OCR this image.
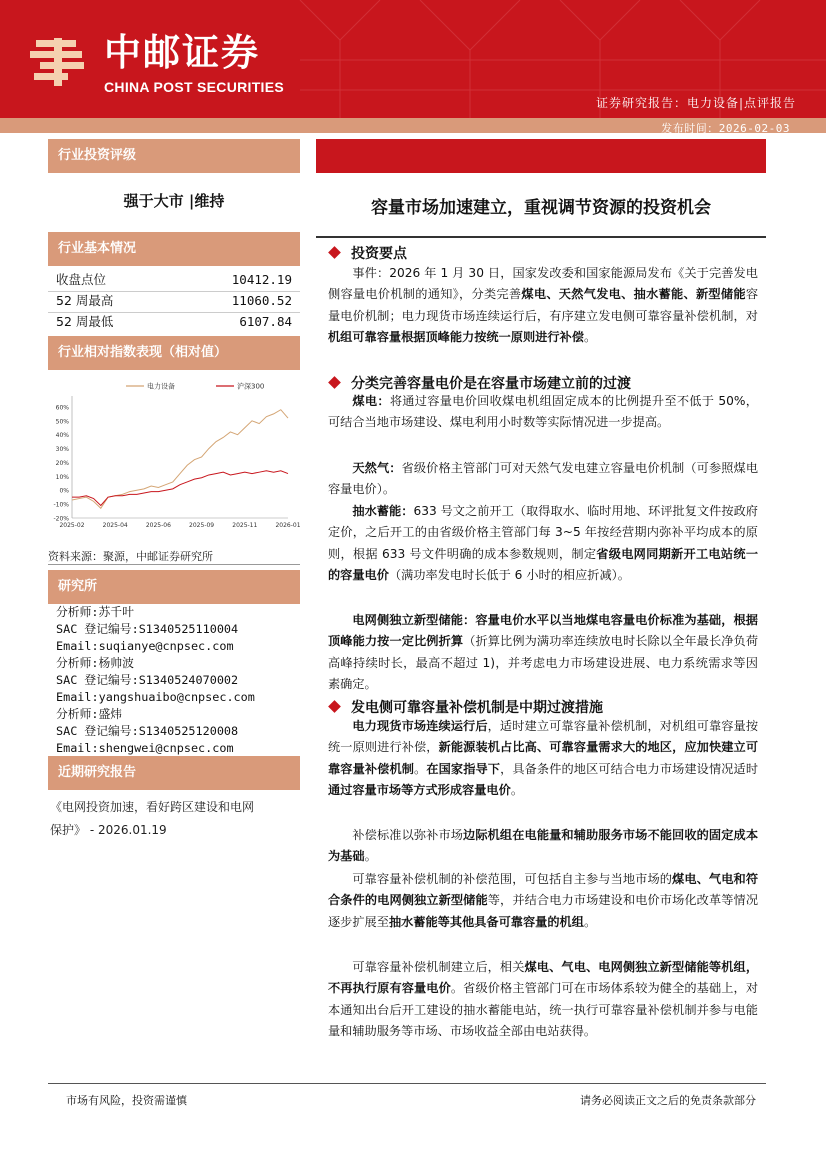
中邮证券
CHINA POST SECURITIES
证券研究报告：电力设备|点评报告
发布时间：2026-02-03
行业投资评级
强于大市 |维持
行业基本情况
收盘点位	10412.19
52 周最高	11060.52
52 周最低	6107.84
行业相对指数表现（相对值）
60%
50%
40%
30%
20%
10%
0%
-10%
-20%
2025-02	2025-04	2025-06	2025-09	2025-11	2026-01
电力设备	沪深300
资料来源：聚源，中邮证券研究所
研究所
分析师:苏千叶
SAC 登记编号:S1340525110004
Email:suqianye@cnpsec.com
分析师:杨帅波
SAC 登记编号:S1340524070002
Email:yangshuaibo@cnpsec.com
分析师:盛炜
SAC 登记编号:S1340525120008
Email:shengwei@cnpsec.com
近期研究报告
《电网投资加速，看好跨区建设和电网
保护》 - 2026.01.19
容量市场加速建立，重视调节资源的投资机会
投资要点
事件：2026 年 1 月 30 日，国家发改委和国家能源局发布《关于完善发电侧容量电价机制的通知》，分类完善煤电、天然气发电、抽水蓄能、新型储能容量电价机制；电力现货市场连续运行后，有序建立发电侧可靠容量补偿机制，对机组可靠容量根据顶峰能力按统一原则进行补偿。
分类完善容量电价是在容量市场建立前的过渡
煤电：将通过容量电价回收煤电机组固定成本的比例提升至不低于 50%，可结合当地市场建设、煤电利用小时数等实际情况进一步提高。
天然气：省级价格主管部门可对天然气发电建立容量电价机制（可参照煤电容量电价）。
抽水蓄能：633 号文之前开工（取得取水、临时用地、环评批复文件按政府定价，之后开工的由省级价格主管部门每 3~5 年按经营期内弥补平均成本的原则，根据 633 号文件明确的成本参数规则，制定省级电网同期新开工电站统一的容量电价（满功率发电时长低于 6 小时的相应折减）。
电网侧独立新型储能：容量电价水平以当地煤电容量电价标准为基础，根据顶峰能力按一定比例折算（折算比例为满功率连续放电时长除以全年最长净负荷高峰持续时长，最高不超过 1)，并考虑电力市场建设进展、电力系统需求等因素确定。
发电侧可靠容量补偿机制是中期过渡措施
电力现货市场连续运行后，适时建立可靠容量补偿机制，对机组可靠容量按统一原则进行补偿，新能源装机占比高、可靠容量需求大的地区，应加快建立可靠容量补偿机制。在国家指导下，具备条件的地区可结合电力市场建设情况适时通过容量市场等方式形成容量电价。
补偿标准以弥补市场边际机组在电能量和辅助服务市场不能回收的固定成本为基础。
可靠容量补偿机制的补偿范围，可包括自主参与当地市场的煤电、气电和符合条件的电网侧独立新型储能等，并结合电力市场建设和电价市场化改革等情况逐步扩展至抽水蓄能等其他具备可靠容量的机组。
可靠容量补偿机制建立后，相关煤电、气电、电网侧独立新型储能等机组，不再执行原有容量电价。省级价格主管部门可在市场体系较为健全的基础上，对本通知出台后开工建设的抽水蓄能电站，统一执行可靠容量补偿机制并参与电能量和辅助服务等市场、市场收益全部由电站获得。
市场有风险，投资需谨慎	请务必阅读正文之后的免责条款部分
